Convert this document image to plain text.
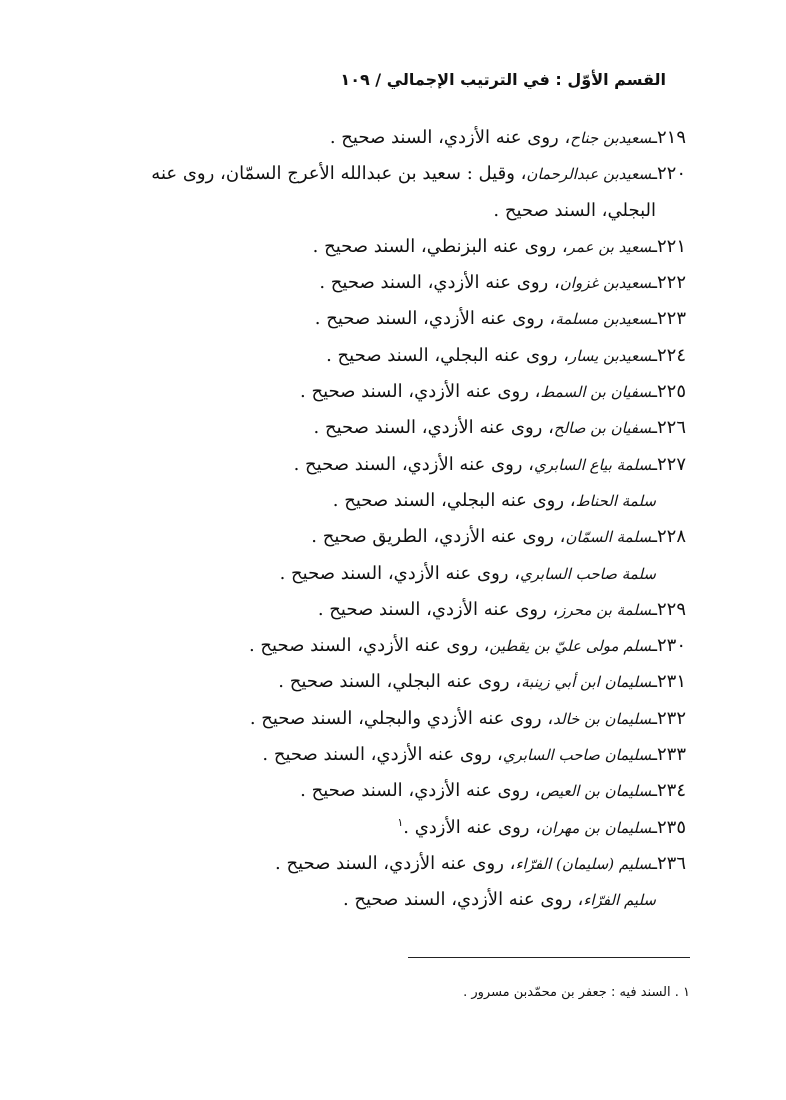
القسم الأوّل : في الترتيب الإجمالي / ١٠٩
٢١٩ـسعيدبن جناح، روى عنه الأزدي، السند صحيح .
٢٢٠ـسعيدبن عبدالرحمان، وقيل : سعيد بن عبدالله الأعرج السمّان، روى عنه
البجلي، السند صحيح .
٢٢١ـسعيد بن عمر، روى عنه البزنطي، السند صحيح .
٢٢٢ـسعيدبن غزوان، روى عنه الأزدي، السند صحيح .
٢٢٣ـسعيدبن مسلمة، روى عنه الأزدي، السند صحيح .
٢٢٤ـسعيدبن يسار، روى عنه البجلي، السند صحيح .
٢٢٥ـسفيان بن السمط، روى عنه الأزدي، السند صحيح .
٢٢٦ـسفيان بن صالح، روى عنه الأزدي، السند صحيح .
٢٢٧ـسلمة بياع السابري، روى عنه الأزدي، السند صحيح .
سلمة الحناط، روى عنه البجلي، السند صحيح .
٢٢٨ـسلمة السمّان، روى عنه الأزدي، الطريق صحيح .
سلمة صاحب السابري، روى عنه الأزدي، السند صحيح .
٢٢٩ـسلمة بن محرز، روى عنه الأزدي، السند صحيح .
٢٣٠ـسلم مولى عليّ بن يقطين، روى عنه الأزدي، السند صحيح .
٢٣١ـسليمان ابن أبي زينبة، روى عنه البجلي، السند صحيح .
٢٣٢ـسليمان بن خالد، روى عنه الأزدي والبجلي، السند صحيح .
٢٣٣ـسليمان صاحب السابري، روى عنه الأزدي، السند صحيح .
٢٣٤ـسليمان بن العيص، روى عنه الأزدي، السند صحيح .
٢٣٥ـسليمان بن مهران، روى عنه الأزدي .$^١$
٢٣٦ـسليم (سليمان) الفرّاء، روى عنه الأزدي، السند صحيح .
سليم الفرّاء، روى عنه الأزدي، السند صحيح .
١ . السند فيه : جعفر بن محمّدبن مسرور .
